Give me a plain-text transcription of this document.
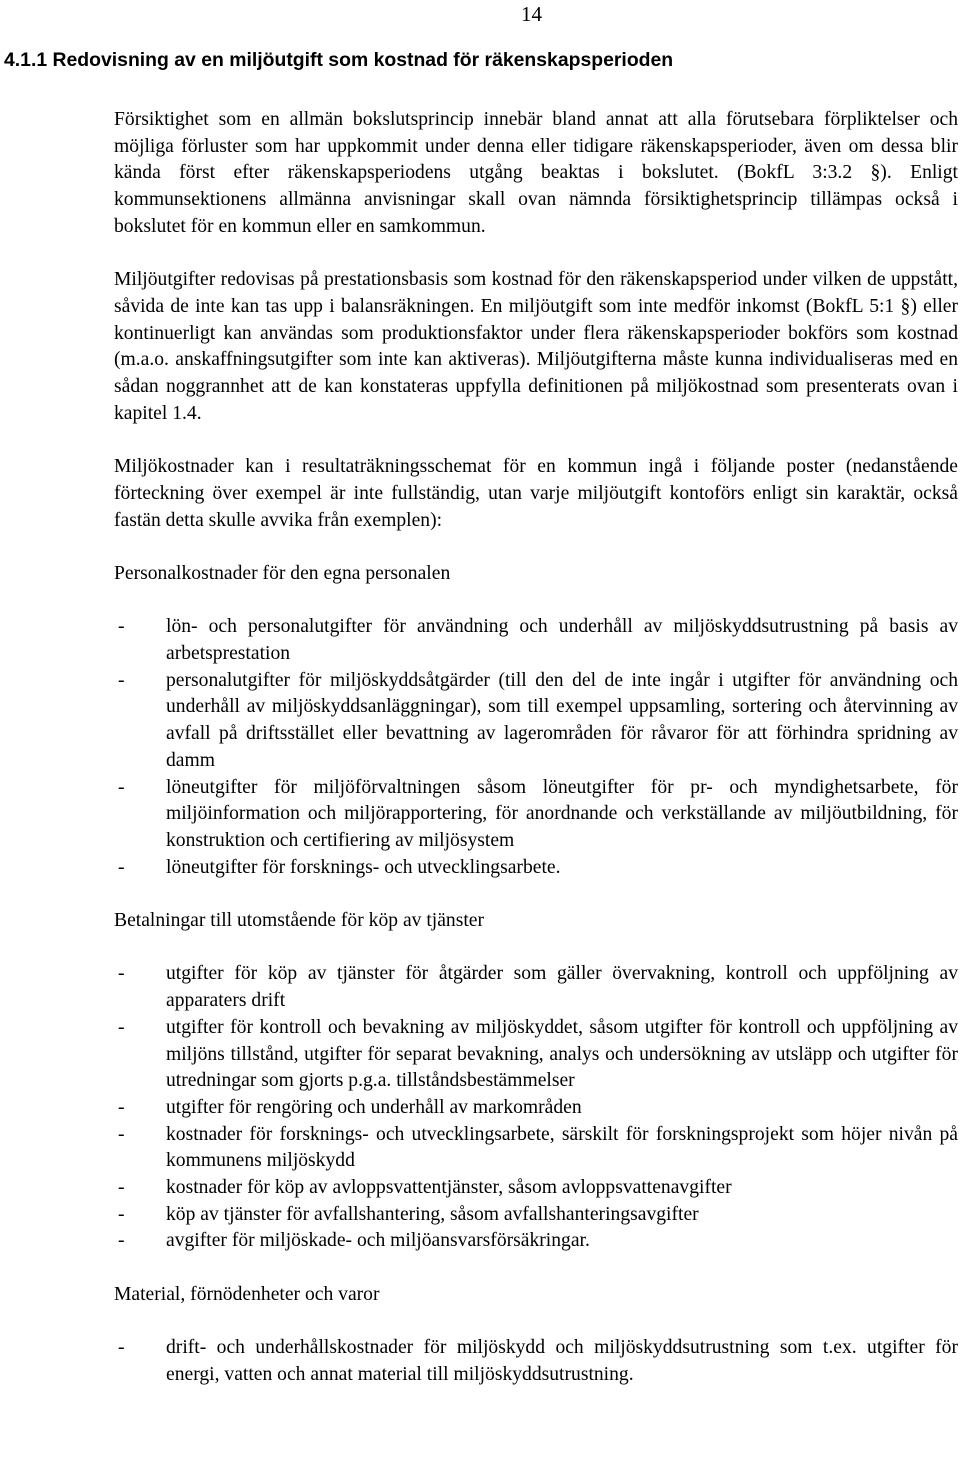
14
4.1.1 Redovisning av en miljöutgift som kostnad för räkenskapsperioden

Försiktighet som en allmän bokslutsprincip innebär bland annat att alla förutsebara förpliktelser och möjliga förluster som har uppkommit under denna eller tidigare räkenskapsperioder, även om dessa blir kända först efter räkenskapsperiodens utgång beaktas i bokslutet. (BokfL 3:3.2 §). Enligt kommunsektionens allmänna anvisningar skall ovan nämnda försiktighetsprincip tillämpas också i bokslutet för en kommun eller en samkommun.

Miljöutgifter redovisas på prestationsbasis som kostnad för den räkenskapsperiod under vilken de uppstått, såvida de inte kan tas upp i balansräkningen. En miljöutgift som inte medför inkomst (BokfL 5:1 §) eller kontinuerligt kan användas som produktionsfaktor under flera räkenskapsperioder bokförs som kostnad (m.a.o. anskaffningsutgifter som inte kan aktiveras). Miljöutgifterna måste kunna individualiseras med en sådan noggrannhet att de kan konstateras uppfylla definitionen på miljökostnad som presenterats ovan i kapitel 1.4.

Miljökostnader kan i resultaträkningsschemat för en kommun ingå i följande poster (nedanstående förteckning över exempel är inte fullständig, utan varje miljöutgift kontoförs enligt sin karaktär, också fastän detta skulle avvika från exemplen):

Personalkostnader för den egna personalen
- lön- och personalutgifter för användning och underhåll av miljöskyddsutrustning på basis av arbetsprestation
- personalutgifter för miljöskyddsåtgärder (till den del de inte ingår i utgifter för användning och underhåll av miljöskyddsanläggningar), som till exempel uppsamling, sortering och återvinning av avfall på driftsstället eller bevattning av lagerområden för råvaror för att förhindra spridning av damm
- löneutgifter för miljöförvaltningen såsom löneutgifter för pr- och myndighetsarbete, för miljöinformation och miljörapportering, för anordnande och verkställande av miljöutbildning, för konstruktion och certifiering av miljösystem
- löneutgifter för forsknings- och utvecklingsarbete.
Betalningar till utomstående för köp av tjänster
- utgifter för köp av tjänster för åtgärder som gäller övervakning, kontroll och uppföljning av apparaters drift
- utgifter för kontroll och bevakning av miljöskyddet, såsom utgifter för kontroll och uppföljning av miljöns tillstånd, utgifter för separat bevakning, analys och undersökning av utsläpp och utgifter för utredningar som gjorts p.g.a. tillståndsbestämmelser
- utgifter för rengöring och underhåll av markområden
- kostnader för forsknings- och utvecklingsarbete, särskilt för forskningsprojekt som höjer nivån på kommunens miljöskydd
- kostnader för köp av avloppsvattentjänster, såsom avloppsvattenavgifter
- köp av tjänster för avfallshantering, såsom avfallshanteringsavgifter
- avgifter för miljöskade- och miljöansvarsförsäkringar.
Material, förnödenheter och varor
- drift- och underhållskostnader för miljöskydd och miljöskyddsutrustning som t.ex. utgifter för energi, vatten och annat material till miljöskyddsutrustning.
